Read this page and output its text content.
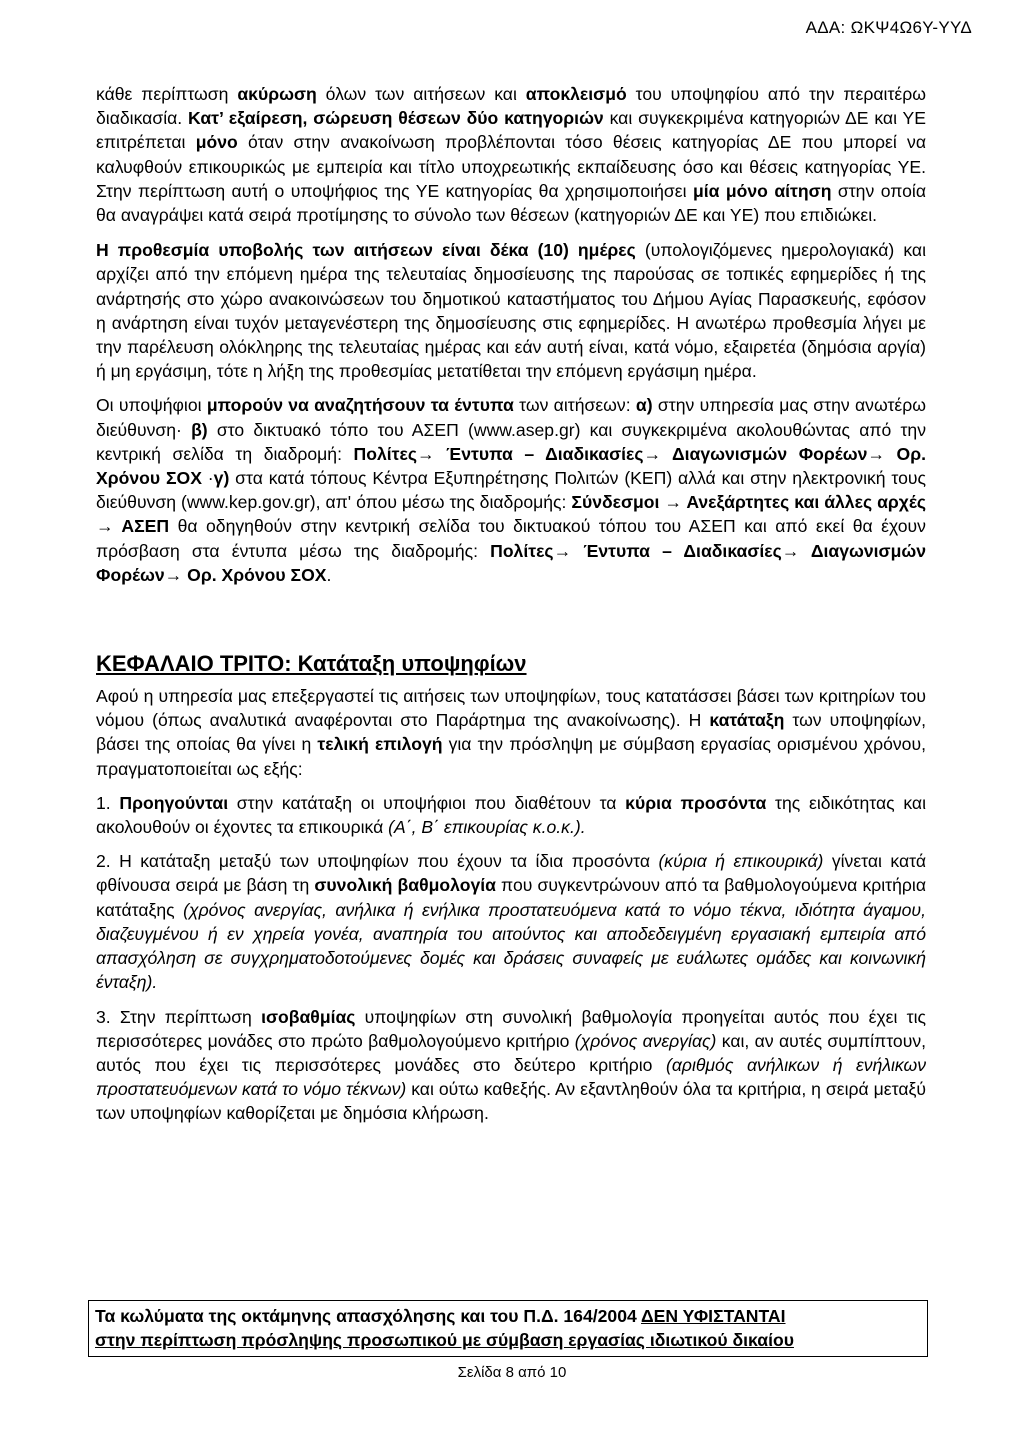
ΑΔΑ: ΩΚΨ4Ω6Υ-ΥΥΔ

κάθε περίπτωση ακύρωση όλων των αιτήσεων και αποκλεισμό του υποψηφίου από την περαιτέρω διαδικασία. Κατ’ εξαίρεση, σώρευση θέσεων δύο κατηγοριών και συγκεκριμένα κατηγοριών ΔΕ και ΥΕ επιτρέπεται μόνο όταν στην ανακοίνωση προβλέπονται τόσο θέσεις κατηγορίας ΔΕ που μπορεί να καλυφθούν επικουρικώς με εμπειρία και τίτλο υποχρεωτικής εκπαίδευσης όσο και θέσεις κατηγορίας ΥΕ. Στην περίπτωση αυτή ο υποψήφιος της ΥΕ κατηγορίας θα χρησιμοποιήσει μία μόνο αίτηση στην οποία θα αναγράψει κατά σειρά προτίμησης το σύνολο των θέσεων (κατηγοριών ΔΕ και ΥΕ) που επιδιώκει.

Η προθεσμία υποβολής των αιτήσεων είναι δέκα (10) ημέρες (υπολογιζόμενες ημερολογιακά) και αρχίζει από την επόμενη ημέρα της τελευταίας δημοσίευσης της παρούσας σε τοπικές εφημερίδες ή της ανάρτησής στο χώρο ανακοινώσεων του δημοτικού καταστήματος του Δήμου Αγίας Παρασκευής, εφόσον η ανάρτηση είναι τυχόν μεταγενέστερη της δημοσίευσης στις εφημερίδες. Η ανωτέρω προθεσμία λήγει με την παρέλευση ολόκληρης της τελευταίας ημέρας και εάν αυτή είναι, κατά νόμο, εξαιρετέα (δημόσια αργία) ή μη εργάσιμη, τότε η λήξη της προθεσμίας μετατίθεται την επόμενη εργάσιμη ημέρα.

Οι υποψήφιοι μπορούν να αναζητήσουν τα έντυπα των αιτήσεων: α) στην υπηρεσία μας στην ανωτέρω διεύθυνση· β) στο δικτυακό τόπο του ΑΣΕΠ (www.asep.gr) και συγκεκριμένα ακολουθώντας από την κεντρική σελίδα τη διαδρομή: Πολίτες→ Έντυπα – Διαδικασίες→ Διαγωνισμών Φορέων→ Ορ. Χρόνου ΣΟΧ ·γ) στα κατά τόπους Κέντρα Εξυπηρέτησης Πολιτών (ΚΕΠ) αλλά και στην ηλεκτρονική τους διεύθυνση (www.kep.gov.gr), απ' όπου μέσω της διαδρομής: Σύνδεσμοι → Ανεξάρτητες και άλλες αρχές → ΑΣΕΠ θα οδηγηθούν στην κεντρική σελίδα του δικτυακού τόπου του ΑΣΕΠ και από εκεί θα έχουν πρόσβαση στα έντυπα μέσω της διαδρομής: Πολίτες→ Έντυπα – Διαδικασίες→ Διαγωνισμών Φορέων→ Ορ. Χρόνου ΣΟΧ.

ΚΕΦΑΛΑΙΟ ΤΡΙΤΟ: Κατάταξη υποψηφίων

Αφού η υπηρεσία μας επεξεργαστεί τις αιτήσεις των υποψηφίων, τους κατατάσσει βάσει των κριτηρίων του νόμου (όπως αναλυτικά αναφέρονται στο Παράρτημα της ανακοίνωσης). Η κατάταξη των υποψηφίων, βάσει της οποίας θα γίνει η τελική επιλογή για την πρόσληψη με σύμβαση εργασίας ορισμένου χρόνου, πραγματοποιείται ως εξής:

1. Προηγούνται στην κατάταξη οι υποψήφιοι που διαθέτουν τα κύρια προσόντα της ειδικότητας και ακολουθούν οι έχοντες τα επικουρικά (Α΄, Β΄ επικουρίας κ.ο.κ.).

2. Η κατάταξη μεταξύ των υποψηφίων που έχουν τα ίδια προσόντα (κύρια ή επικουρικά) γίνεται κατά φθίνουσα σειρά με βάση τη συνολική βαθμολογία που συγκεντρώνουν από τα βαθμολογούμενα κριτήρια κατάταξης (χρόνος ανεργίας, ανήλικα ή ενήλικα προστατευόμενα κατά το νόμο τέκνα, ιδιότητα άγαμου, διαζευγμένου ή εν χηρεία γονέα, αναπηρία του αιτούντος και αποδεδειγμένη εργασιακή εμπειρία από απασχόληση σε συγχρηματοδοτούμενες δομές και δράσεις συναφείς με ευάλωτες ομάδες και κοινωνική ένταξη).

3. Στην περίπτωση ισοβαθμίας υποψηφίων στη συνολική βαθμολογία προηγείται αυτός που έχει τις περισσότερες μονάδες στο πρώτο βαθμολογούμενο κριτήριο (χρόνος ανεργίας) και, αν αυτές συμπίπτουν, αυτός που έχει τις περισσότερες μονάδες στο δεύτερο κριτήριο (αριθμός ανήλικων ή ενήλικων προστατευόμενων κατά το νόμο τέκνων) και ούτω καθεξής. Αν εξαντληθούν όλα τα κριτήρια, η σειρά μεταξύ των υποψηφίων καθορίζεται με δημόσια κλήρωση.

Τα κωλύματα της οκτάμηνης απασχόλησης και του Π.Δ. 164/2004 ΔΕΝ ΥΦΙΣΤΑΝΤΑΙ
στην περίπτωση πρόσληψης προσωπικού με σύμβαση εργασίας ιδιωτικού δικαίου
Σελίδα 8 από 10
